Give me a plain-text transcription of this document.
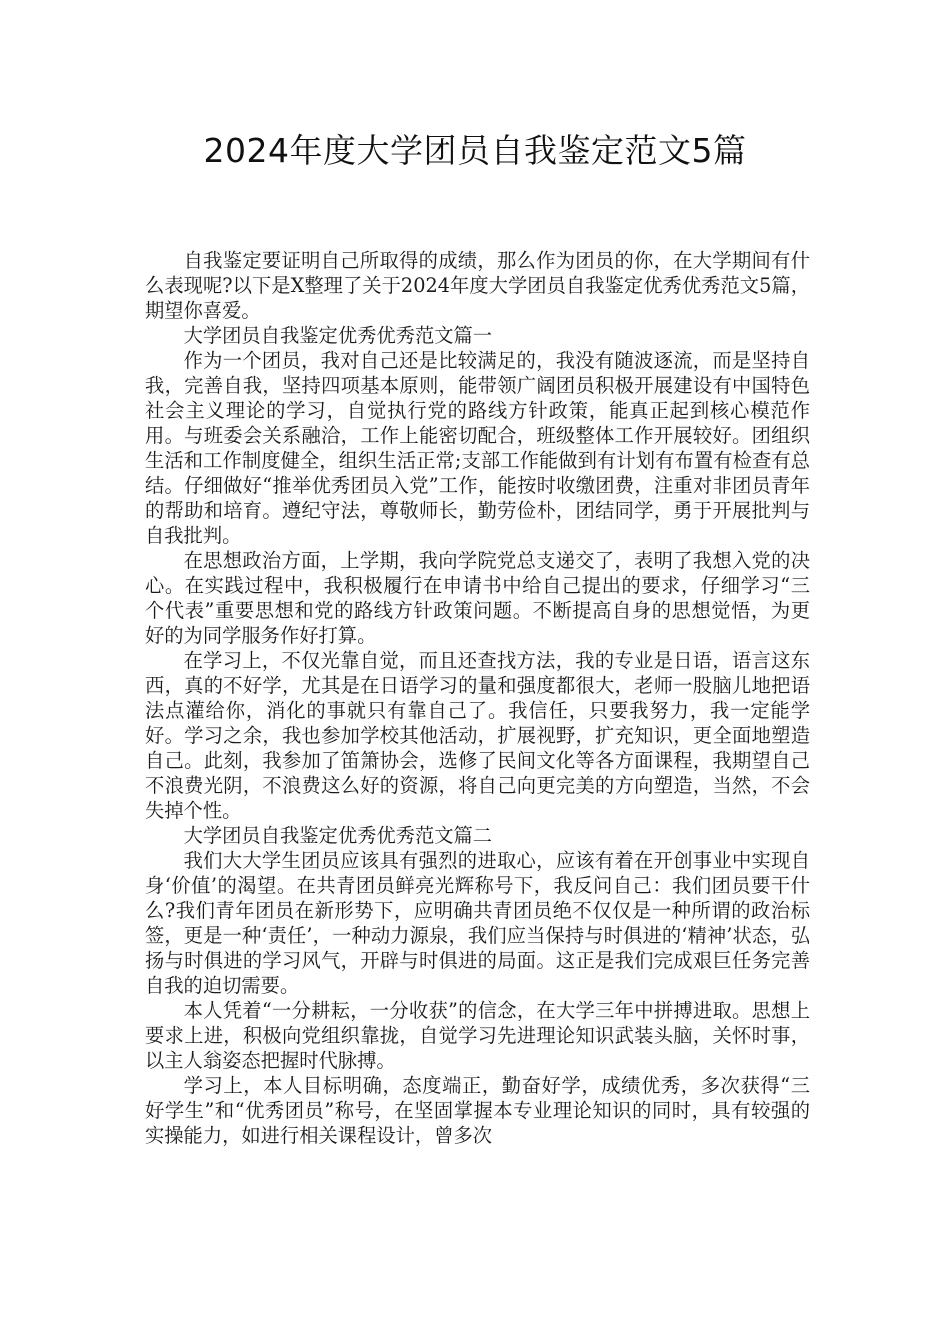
2024年度大学团员自我鉴定范文5篇

自我鉴定要证明自己所取得的成绩，那么作为团员的你，在大学期间有什么表现呢?以下是X整理了关于2024年度大学团员自我鉴定优秀优秀范文5篇，期望你喜爱。

大学团员自我鉴定优秀优秀范文篇一

作为一个团员，我对自己还是比较满足的，我没有随波逐流，而是坚持自我，完善自我，坚持四项基本原则，能带领广阔团员积极开展建设有中国特色社会主义理论的学习，自觉执行党的路线方针政策，能真正起到核心模范作用。与班委会关系融洽，工作上能密切配合，班级整体工作开展较好。团组织生活和工作制度健全，组织生活正常;支部工作能做到有计划有布置有检查有总结。仔细做好“推举优秀团员入党”工作，能按时收缴团费，注重对非团员青年的帮助和培育。遵纪守法，尊敬师长，勤劳俭朴，团结同学，勇于开展批判与自我批判。

在思想政治方面，上学期，我向学院党总支递交了，表明了我想入党的决心。在实践过程中，我积极履行在申请书中给自己提出的要求，仔细学习“三个代表”重要思想和党的路线方针政策问题。不断提高自身的思想觉悟，为更好的为同学服务作好打算。

在学习上，不仅光靠自觉，而且还查找方法，我的专业是日语，语言这东西，真的不好学，尤其是在日语学习的量和强度都很大，老师一股脑儿地把语法点灌给你，消化的事就只有靠自己了。我信任，只要我努力，我一定能学好。学习之余，我也参加学校其他活动，扩展视野，扩充知识，更全面地塑造自己。此刻，我参加了笛箫协会，选修了民间文化等各方面课程，我期望自己不浪费光阴，不浪费这么好的资源，将自己向更完美的方向塑造，当然，不会失掉个性。

大学团员自我鉴定优秀优秀范文篇二

我们大大学生团员应该具有强烈的进取心，应该有着在开创事业中实现自身‘价值’的渴望。在共青团员鲜亮光辉称号下，我反问自己：我们团员要干什么?我们青年团员在新形势下，应明确共青团员绝不仅仅是一种所谓的政治标签，更是一种‘责任’，一种动力源泉，我们应当保持与时俱进的‘精神’状态，弘扬与时俱进的学习风气，开辟与时俱进的局面。这正是我们完成艰巨任务完善自我的迫切需要。

本人凭着“一分耕耘，一分收获”的信念，在大学三年中拼搏进取。思想上要求上进，积极向党组织靠拢，自觉学习先进理论知识武装头脑，关怀时事，以主人翁姿态把握时代脉搏。

学习上，本人目标明确，态度端正，勤奋好学，成绩优秀，多次获得“三好学生”和“优秀团员”称号，在坚固掌握本专业理论知识的同时，具有较强的实操能力，如进行相关课程设计，曾多次
